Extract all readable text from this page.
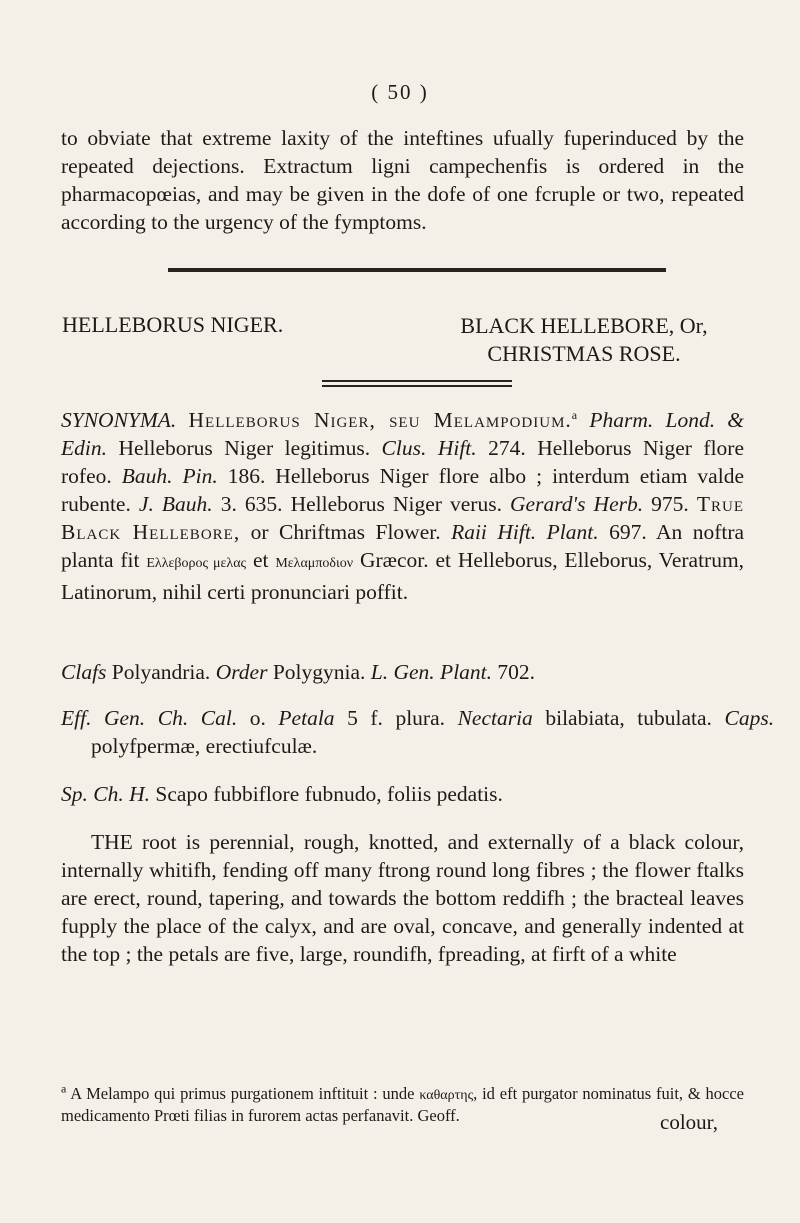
( 50 )
to obviate that extreme laxity of the inteftines ufually fuperinduced by the repeated dejections. Extractum ligni campechenfis is ordered in the pharmacopœias, and may be given in the dofe of one fcruple or two, repeated according to the urgency of the fymptoms.
HELLEBORUS NIGER.	BLACK HELLEBORE, Or,
CHRISTMAS ROSE.

SYNONYMA. Helleborus Niger, seu Melampodium.$^a$ Pharm. Lond. & Edin. Helleborus Niger legitimus. Clus. Hift. 274. Helleborus Niger flore rofeo. Bauh. Pin. 186. Helleborus Niger flore albo ; interdum etiam valde rubente. J. Bauh. 3. 635. Helleborus Niger verus. Gerard's Herb. 975. True Black Hellebore, or Chriftmas Flower. Raii Hift. Plant. 697. An noftra planta fit Ελλεβορος μελας et Μελαμποδιον Græcor. et Helleborus, Elleborus, Veratrum, Latinorum, nihil certi pronunciari poffit.

Clafs Polyandria. Order Polygynia. L. Gen. Plant. 702.
Eff. Gen. Ch. Cal. o. Petala 5 f. plura. Nectaria bilabiata, tubulata. Caps. polyfpermæ, erectiufculæ.
Sp. Ch. H. Scapo fubbiflore fubnudo, foliis pedatis.
THE root is perennial, rough, knotted, and externally of a black colour, internally whitifh, fending off many ftrong round long fibres ; the flower ftalks are erect, round, tapering, and towards the bottom reddifh ; the bracteal leaves fupply the place of the calyx, and are oval, concave, and generally indented at the top ; the petals are five, large, roundifh, fpreading, at firft of a white
$^a$ A Melampo qui primus purgationem inftituit : unde καθαρτης, id eft purgator nominatus fuit, & hocce medicamento Prœti filias in furorem actas perfanavit. Geoff.	colour,
